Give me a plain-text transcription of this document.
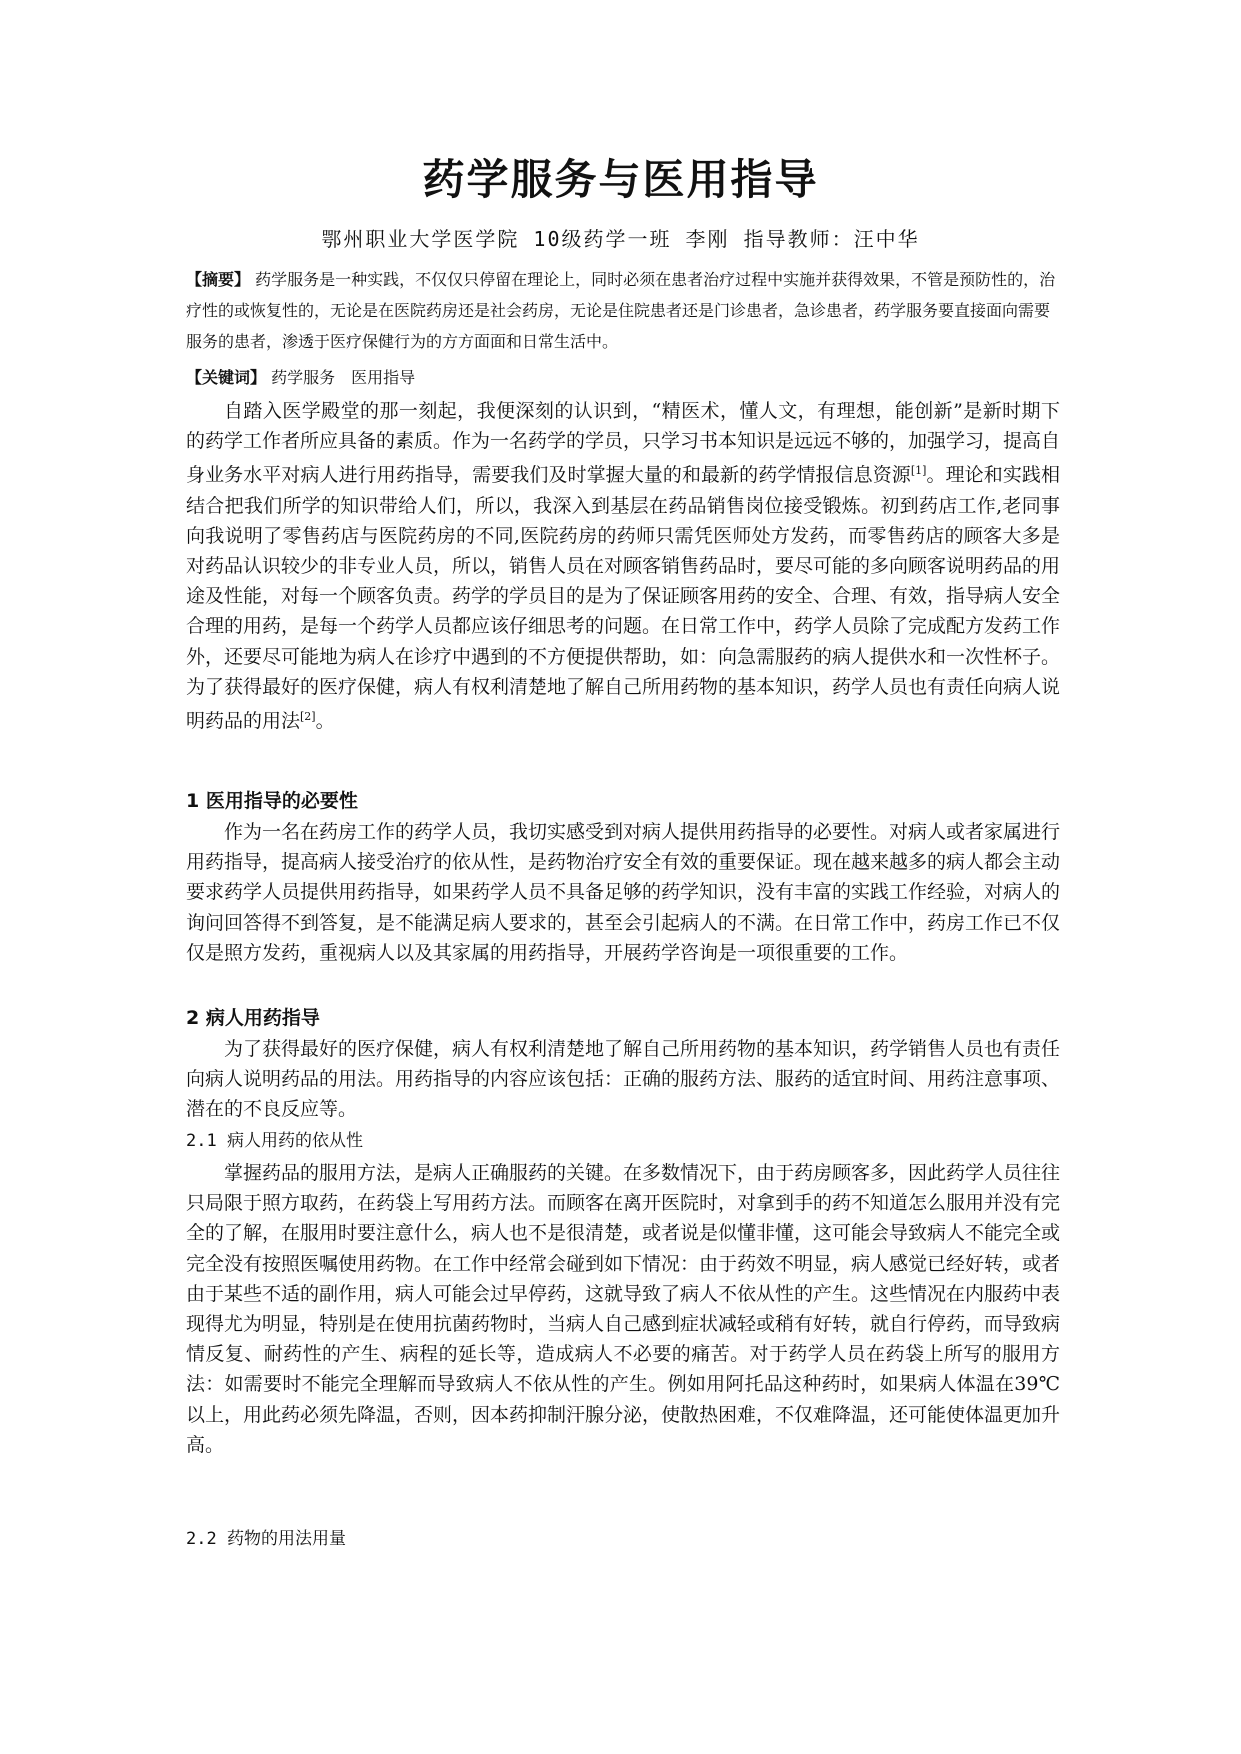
药学服务与医用指导
鄂州职业大学医学院 10级药学一班 李刚 指导教师：汪中华
【摘要】 药学服务是一种实践，不仅仅只停留在理论上，同时必须在患者治疗过程中实施并获得效果，不管是预防性的，治疗性的或恢复性的，无论是在医院药房还是社会药房，无论是住院患者还是门诊患者，急诊患者，药学服务要直接面向需要服务的患者，渗透于医疗保健行为的方方面面和日常生活中。
【关键词】 药学服务　医用指导
自踏入医学殿堂的那一刻起，我便深刻的认识到，“精医术，懂人文，有理想，能创新”是新时期下的药学工作者所应具备的素质。作为一名药学的学员，只学习书本知识是远远不够的，加强学习，提高自身业务水平对病人进行用药指导，需要我们及时掌握大量的和最新的药学情报信息资源[1]。理论和实践相结合把我们所学的知识带给人们，所以，我深入到基层在药品销售岗位接受锻炼。初到药店工作,老同事向我说明了零售药店与医院药房的不同,医院药房的药师只需凭医师处方发药，而零售药店的顾客大多是对药品认识较少的非专业人员，所以，销售人员在对顾客销售药品时，要尽可能的多向顾客说明药品的用途及性能，对每一个顾客负责。药学的学员目的是为了保证顾客用药的安全、合理、有效，指导病人安全合理的用药，是每一个药学人员都应该仔细思考的问题。在日常工作中，药学人员除了完成配方发药工作外，还要尽可能地为病人在诊疗中遇到的不方便提供帮助，如：向急需服药的病人提供水和一次性杯子。为了获得最好的医疗保健，病人有权利清楚地了解自己所用药物的基本知识，药学人员也有责任向病人说明药品的用法[2]。
1 医用指导的必要性
作为一名在药房工作的药学人员，我切实感受到对病人提供用药指导的必要性。对病人或者家属进行用药指导，提高病人接受治疗的依从性，是药物治疗安全有效的重要保证。现在越来越多的病人都会主动要求药学人员提供用药指导，如果药学人员不具备足够的药学知识，没有丰富的实践工作经验，对病人的询问回答得不到答复，是不能满足病人要求的，甚至会引起病人的不满。在日常工作中，药房工作已不仅仅是照方发药，重视病人以及其家属的用药指导，开展药学咨询是一项很重要的工作。
2 病人用药指导
为了获得最好的医疗保健，病人有权利清楚地了解自己所用药物的基本知识，药学销售人员也有责任向病人说明药品的用法。用药指导的内容应该包括：正确的服药方法、服药的适宜时间、用药注意事项、潜在的不良反应等。
2.1 病人用药的依从性
掌握药品的服用方法，是病人正确服药的关键。在多数情况下，由于药房顾客多，因此药学人员往往只局限于照方取药，在药袋上写用药方法。而顾客在离开医院时，对拿到手的药不知道怎么服用并没有完全的了解，在服用时要注意什么，病人也不是很清楚，或者说是似懂非懂，这可能会导致病人不能完全或完全没有按照医嘱使用药物。在工作中经常会碰到如下情况：由于药效不明显，病人感觉已经好转，或者由于某些不适的副作用，病人可能会过早停药，这就导致了病人不依从性的产生。这些情况在内服药中表现得尤为明显，特别是在使用抗菌药物时，当病人自己感到症状减轻或稍有好转，就自行停药，而导致病情反复、耐药性的产生、病程的延长等，造成病人不必要的痛苦。对于药学人员在药袋上所写的服用方法：如需要时不能完全理解而导致病人不依从性的产生。例如用阿托品这种药时，如果病人体温在39℃以上，用此药必须先降温，否则，因本药抑制汗腺分泌，使散热困难，不仅难降温，还可能使体温更加升高。
2.2 药物的用法用量
